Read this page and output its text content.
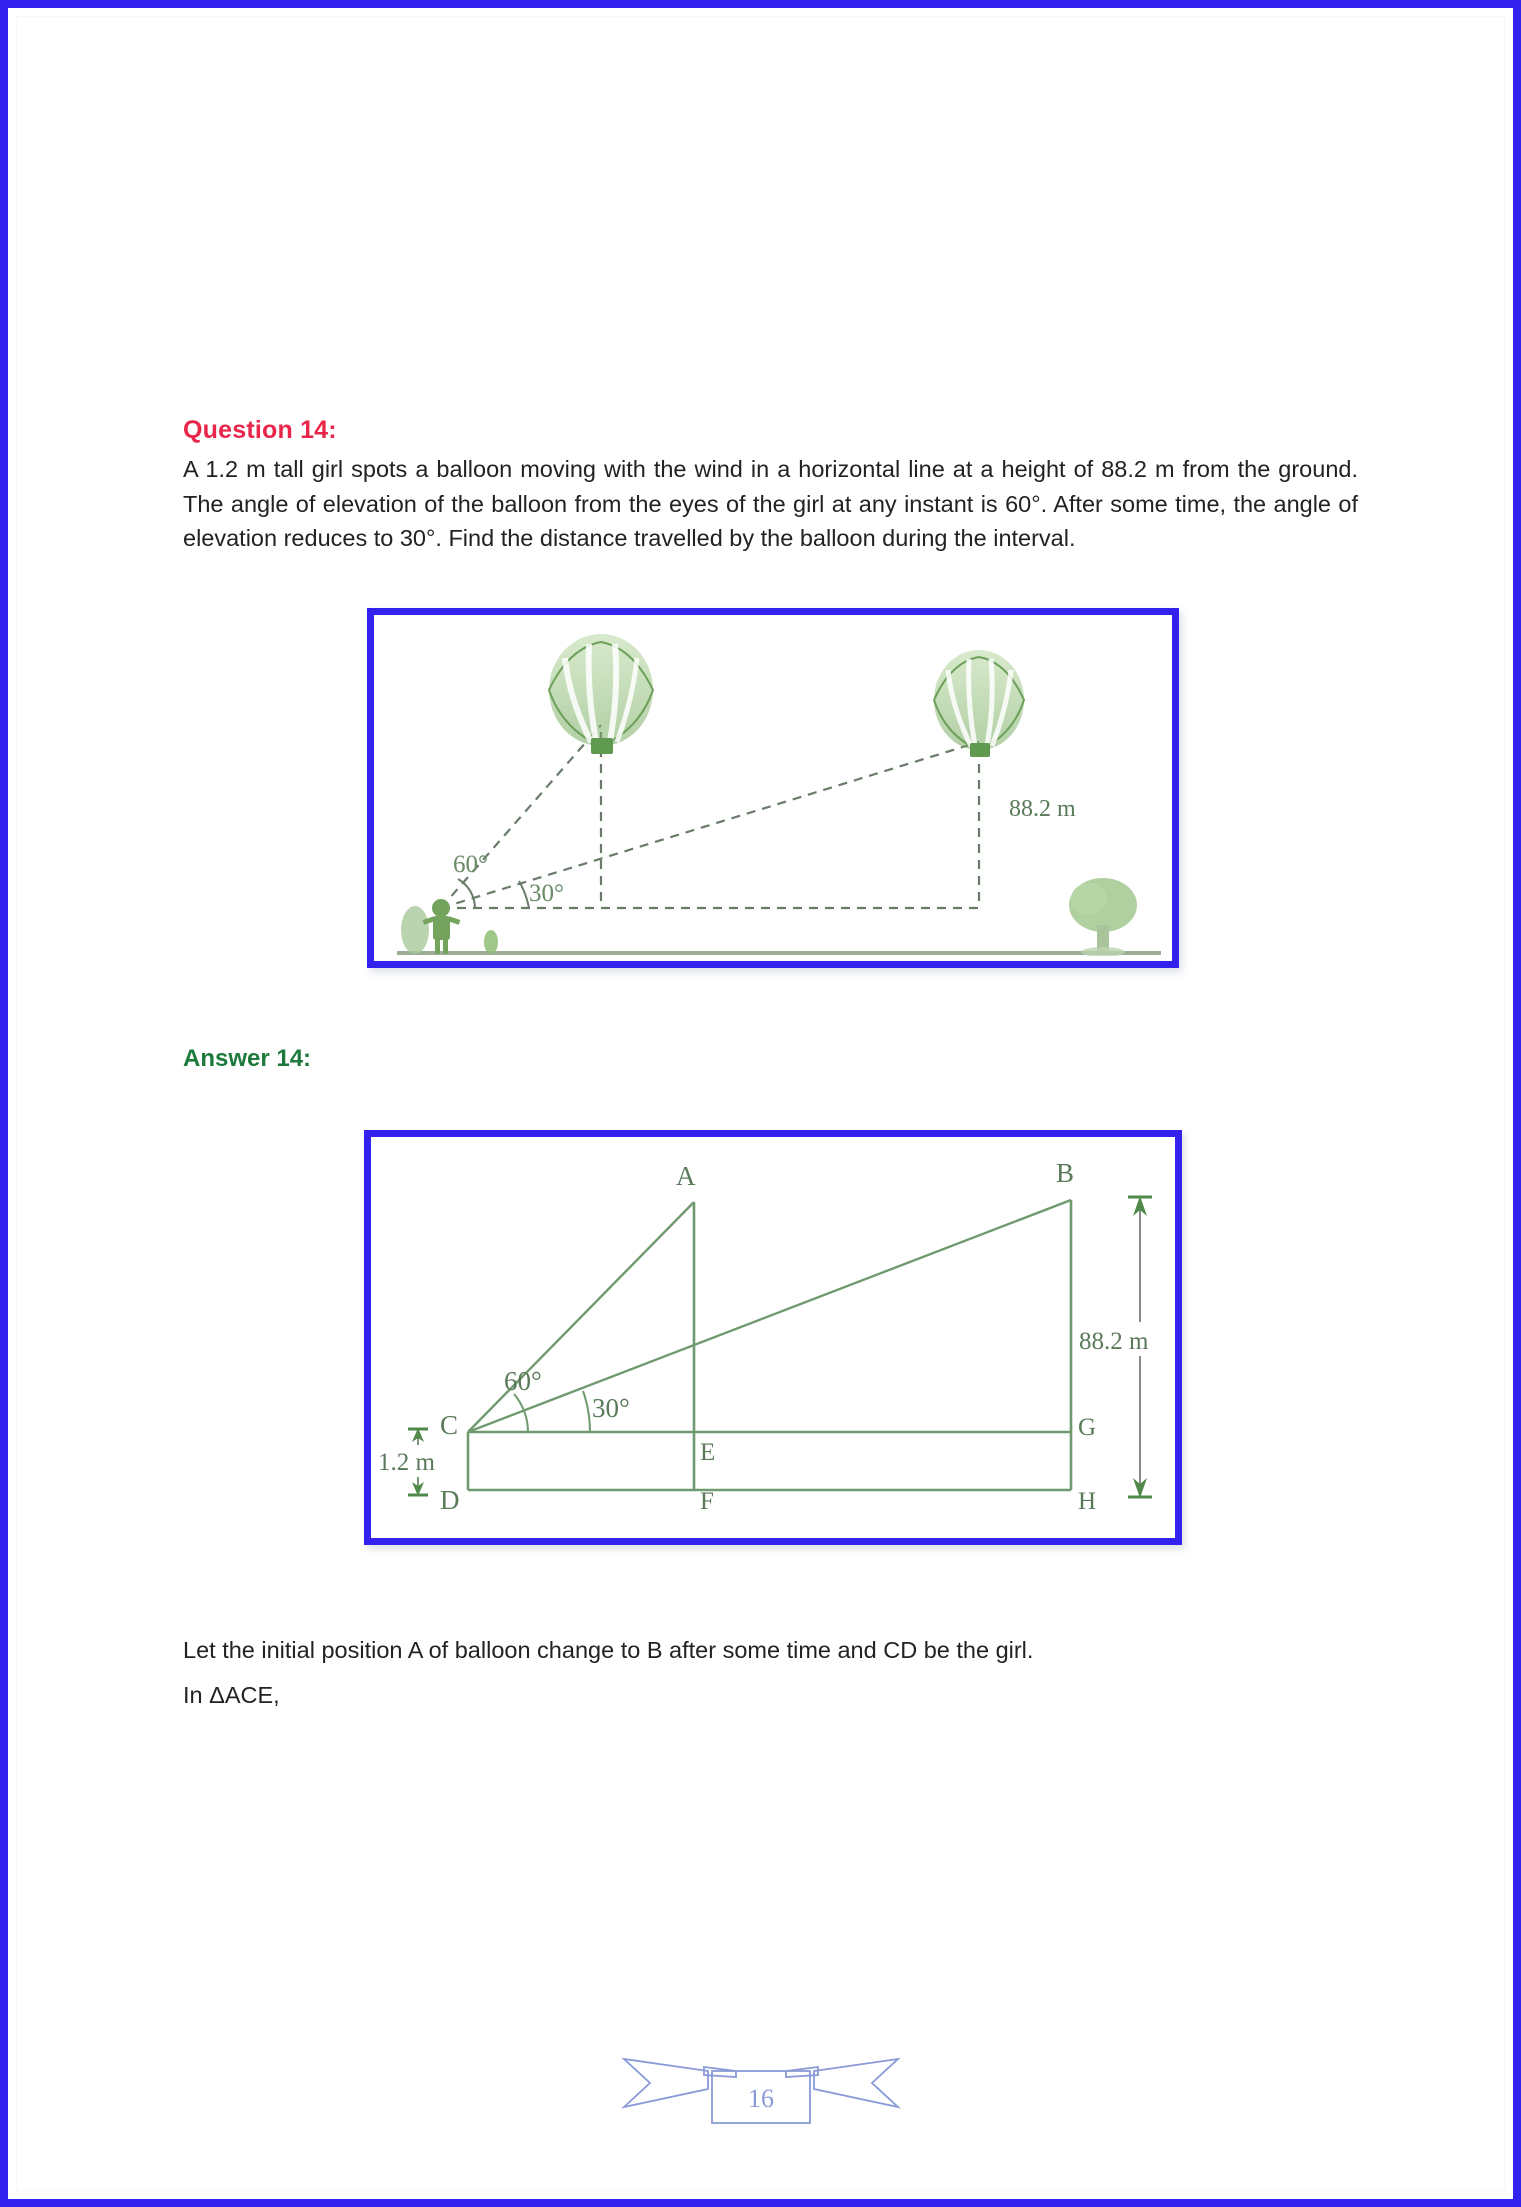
Question 14:

A 1.2 m tall girl spots a balloon moving with the wind in a horizontal line at a height of 88.2 m from the ground. The angle of elevation of the balloon from the eyes of the girl at any instant is 60°. After some time, the angle of elevation reduces to 30°. Find the distance travelled by the balloon during the interval.

88.2 m
60°
30°
Answer 14:
88.2 m
1.2 m
A	B
C
D
E
F
G
H
60°
30°

Let the initial position A of balloon change to B after some time and CD be the girl.

In ΔACE,

16
